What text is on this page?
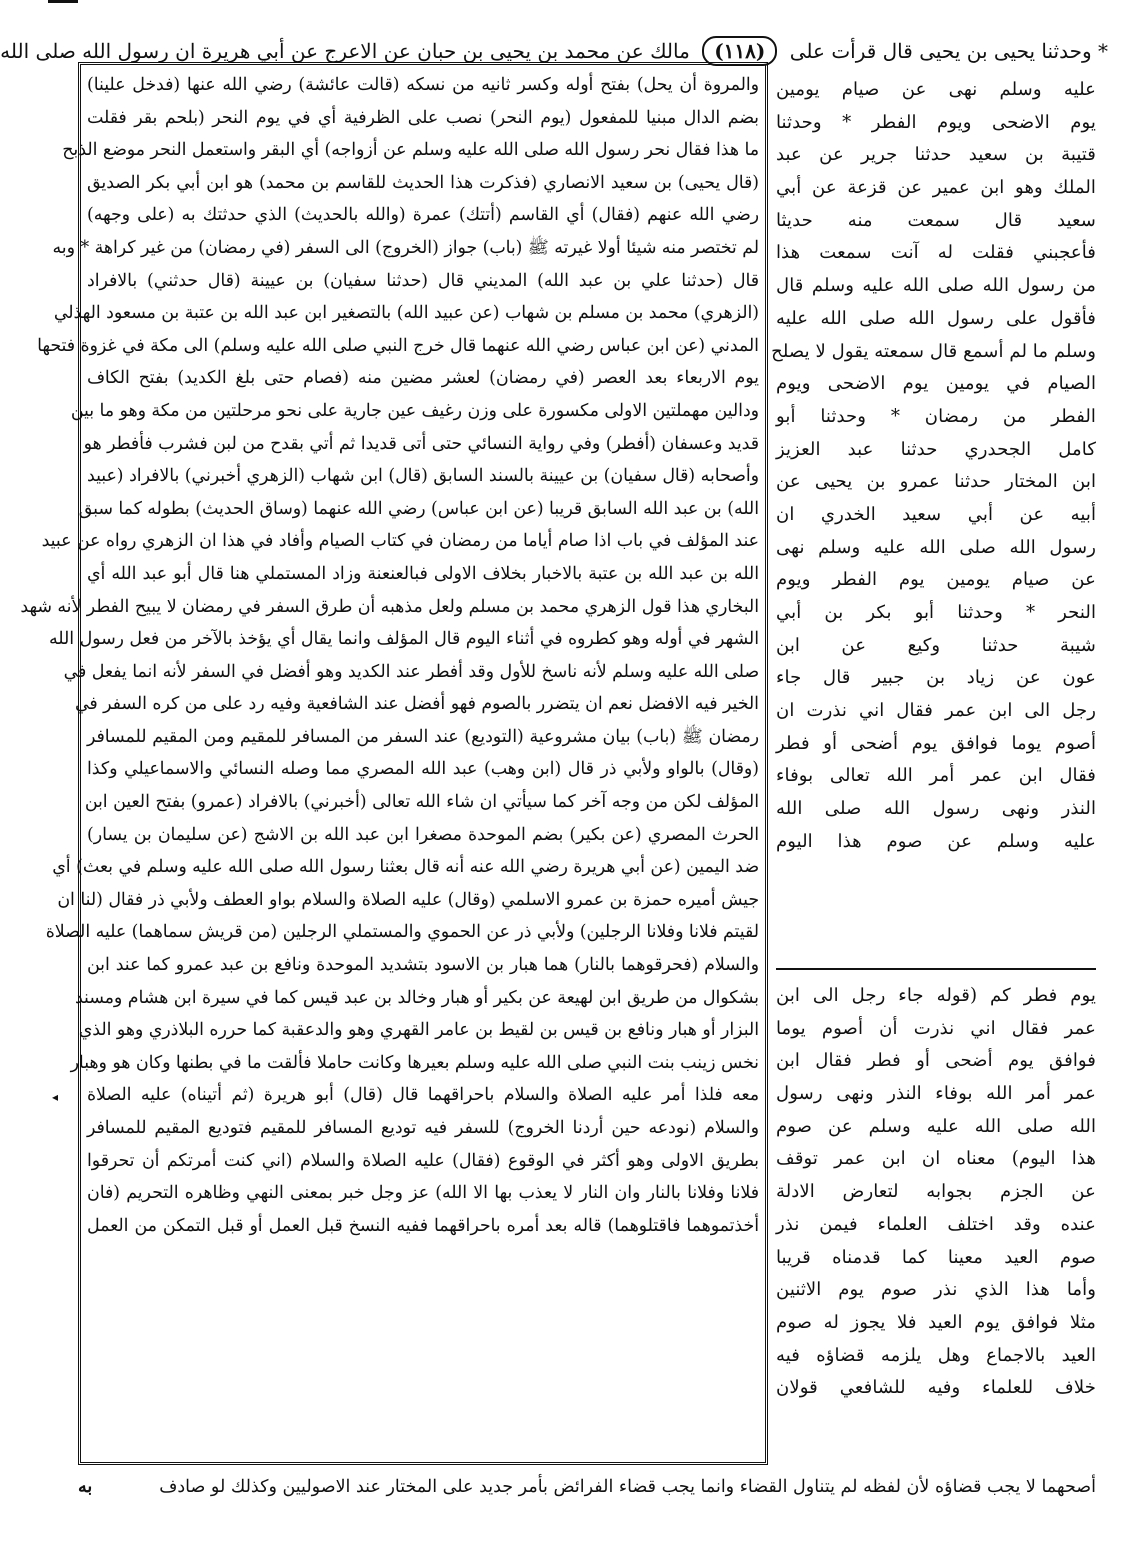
* وحدثنا يحيى بن يحيى قال قرأت على (١١٨) مالك عن محمد بن يحيى بن حبان عن الاعرج عن أبي هريرة ان رسول الله صلى الله
والمروة أن يحل) بفتح أوله وكسر ثانيه من نسكه (قالت عائشة) رضي الله عنها (فدخل علينا)
بضم الدال مبنيا للمفعول (يوم النحر) نصب على الظرفية أي في يوم النحر (بلحم بقر فقلت
ما هذا فقال نحر رسول الله صلى الله عليه وسلم عن أزواجه) أي البقر واستعمل النحر موضع الذبح
(قال يحيى) بن سعيد الانصاري (فذكرت هذا الحديث للقاسم بن محمد) هو ابن أبي بكر الصديق
رضي الله عنهم (فقال) أي القاسم (أتتك) عمرة (والله بالحديث) الذي حدثتك به (على وجهه)
لم تختصر منه شيئا أولا غيرته ﷺ (باب) جواز (الخروج) الى السفر (في رمضان) من غير كراهة * وبه
قال (حدثنا علي بن عبد الله) المديني قال (حدثنا سفيان) بن عيينة (قال حدثني) بالافراد
(الزهري) محمد بن مسلم بن شهاب (عن عبيد الله) بالتصغير ابن عبد الله بن عتبة بن مسعود الهذلي
المدني (عن ابن عباس رضي الله عنهما قال خرج النبي صلى الله عليه وسلم) الى مكة في غزوة فتحها
يوم الاربعاء بعد العصر (في رمضان) لعشر مضين منه (فصام حتى بلغ الكديد) بفتح الكاف
ودالين مهملتين الاولى مكسورة على وزن رغيف عين جارية على نحو مرحلتين من مكة وهو ما بين
قديد وعسفان (أفطر) وفي رواية النسائي حتى أتى قديدا ثم أتي بقدح من لبن فشرب فأفطر هو
وأصحابه (قال سفيان) بن عيينة بالسند السابق (قال) ابن شهاب (الزهري أخبرني) بالافراد (عبيد
الله) بن عبد الله السابق قريبا (عن ابن عباس) رضي الله عنهما (وساق الحديث) بطوله كما سبق
عند المؤلف في باب اذا صام أياما من رمضان في كتاب الصيام وأفاد في هذا ان الزهري رواه عن عبيد
الله بن عبد الله بن عتبة بالاخبار بخلاف الاولى فبالعنعنة وزاد المستملي هنا قال أبو عبد الله أي
البخاري هذا قول الزهري محمد بن مسلم ولعل مذهبه أن طرق السفر في رمضان لا يبيح الفطر لأنه شهد
الشهر في أوله وهو كطروه في أثناء اليوم قال المؤلف وانما يقال أي يؤخذ بالآخر من فعل رسول الله
صلى الله عليه وسلم لأنه ناسخ للأول وقد أفطر عند الكديد وهو أفضل في السفر لأنه انما يفعل في
الخير فيه الافضل نعم ان يتضرر بالصوم فهو أفضل عند الشافعية وفيه رد على من كره السفر في
رمضان ﷺ (باب) بيان مشروعية (التوديع) عند السفر من المسافر للمقيم ومن المقيم للمسافر
(وقال) بالواو ولأبي ذر قال (ابن وهب) عبد الله المصري مما وصله النسائي والاسماعيلي وكذا
المؤلف لكن من وجه آخر كما سيأتي ان شاء الله تعالى (أخبرني) بالافراد (عمرو) بفتح العين ابن
الحرث المصري (عن بكير) بضم الموحدة مصغرا ابن عبد الله بن الاشج (عن سليمان بن يسار)
ضد اليمين (عن أبي هريرة رضي الله عنه أنه قال بعثنا رسول الله صلى الله عليه وسلم في بعث) أي
جيش أميره حمزة بن عمرو الاسلمي (وقال) عليه الصلاة والسلام بواو العطف ولأبي ذر فقال (لنا ان
لقيتم فلانا وفلانا الرجلين) ولأبي ذر عن الحموي والمستملي الرجلين (من قريش سماهما) عليه الصلاة
والسلام (فحرقوهما بالنار) هما هبار بن الاسود بتشديد الموحدة ونافع بن عبد عمرو كما عند ابن
بشكوال من طريق ابن لهيعة عن بكير أو هبار وخالد بن عبد قيس كما في سيرة ابن هشام ومسند
البزار أو هبار ونافع بن قيس بن لقيط بن عامر القهري وهو والدعقبة كما حرره البلاذري وهو الذي
نخس زينب بنت النبي صلى الله عليه وسلم بعيرها وكانت حاملا فألقت ما في بطنها وكان هو وهبار
معه فلذا أمر عليه الصلاة والسلام باحراقهما قال (قال) أبو هريرة (ثم أتيناه) عليه الصلاة
والسلام (نودعه حين أردنا الخروج) للسفر فيه توديع المسافر للمقيم فتوديع المقيم للمسافر
بطريق الاولى وهو أكثر في الوقوع (فقال) عليه الصلاة والسلام (اني كنت أمرتكم أن تحرقوا
فلانا وفلانا بالنار وان النار لا يعذب بها الا الله) عز وجل خبر بمعنى النهي وظاهره التحريم (فان
أخذتموهما فاقتلوهما) قاله بعد أمره باحراقهما ففيه النسخ قبل العمل أو قبل التمكن من العمل
عليه وسلم نهى عن صيام يومين
يوم الاضحى ويوم الفطر * وحدثنا
قتيبة بن سعيد حدثنا جرير عن عبد
الملك وهو ابن عمير عن قزعة عن أبي
سعيد قال سمعت منه حديثا
فأعجبني فقلت له آنت سمعت هذا
من رسول الله صلى الله عليه وسلم قال
فأقول على رسول الله صلى الله عليه
وسلم ما لم أسمع قال سمعته يقول لا يصلح
الصيام في يومين يوم الاضحى ويوم
الفطر من رمضان * وحدثنا أبو
كامل الجحدري حدثنا عبد العزيز
ابن المختار حدثنا عمرو بن يحيى عن
أبيه عن أبي سعيد الخدري ان
رسول الله صلى الله عليه وسلم نهى
عن صيام يومين يوم الفطر ويوم
النحر * وحدثنا أبو بكر بن أبي
شيبة حدثنا وكيع عن ابن
عون عن زياد بن جبير قال جاء
رجل الى ابن عمر فقال اني نذرت ان
أصوم يوما فوافق يوم أضحى أو فطر
فقال ابن عمر أمر الله تعالى بوفاء
النذر ونهى رسول الله صلى الله
عليه وسلم عن صوم هذا اليوم
يوم فطر كم (قوله جاء رجل الى ابن
عمر فقال اني نذرت أن أصوم يوما
فوافق يوم أضحى أو فطر فقال ابن
عمر أمر الله بوفاء النذر ونهى رسول
الله صلى الله عليه وسلم عن صوم
هذا اليوم) معناه ان ابن عمر توقف
عن الجزم بجوابه لتعارض الادلة
عنده وقد اختلف العلماء فيمن نذر
صوم العيد معينا كما قدمناه قريبا
وأما هذا الذي نذر صوم يوم الاثنين
مثلا فوافق يوم العيد فلا يجوز له صوم
العيد بالاجماع وهل يلزمه قضاؤه فيه
خلاف للعلماء وفيه للشافعي قولان
أصحهما لا يجب قضاؤه لأن لفظه لم يتناول القضاء وانما يجب قضاء الفرائض بأمر جديد على المختار عند الاصوليين وكذلك لو صادف
به
◂
